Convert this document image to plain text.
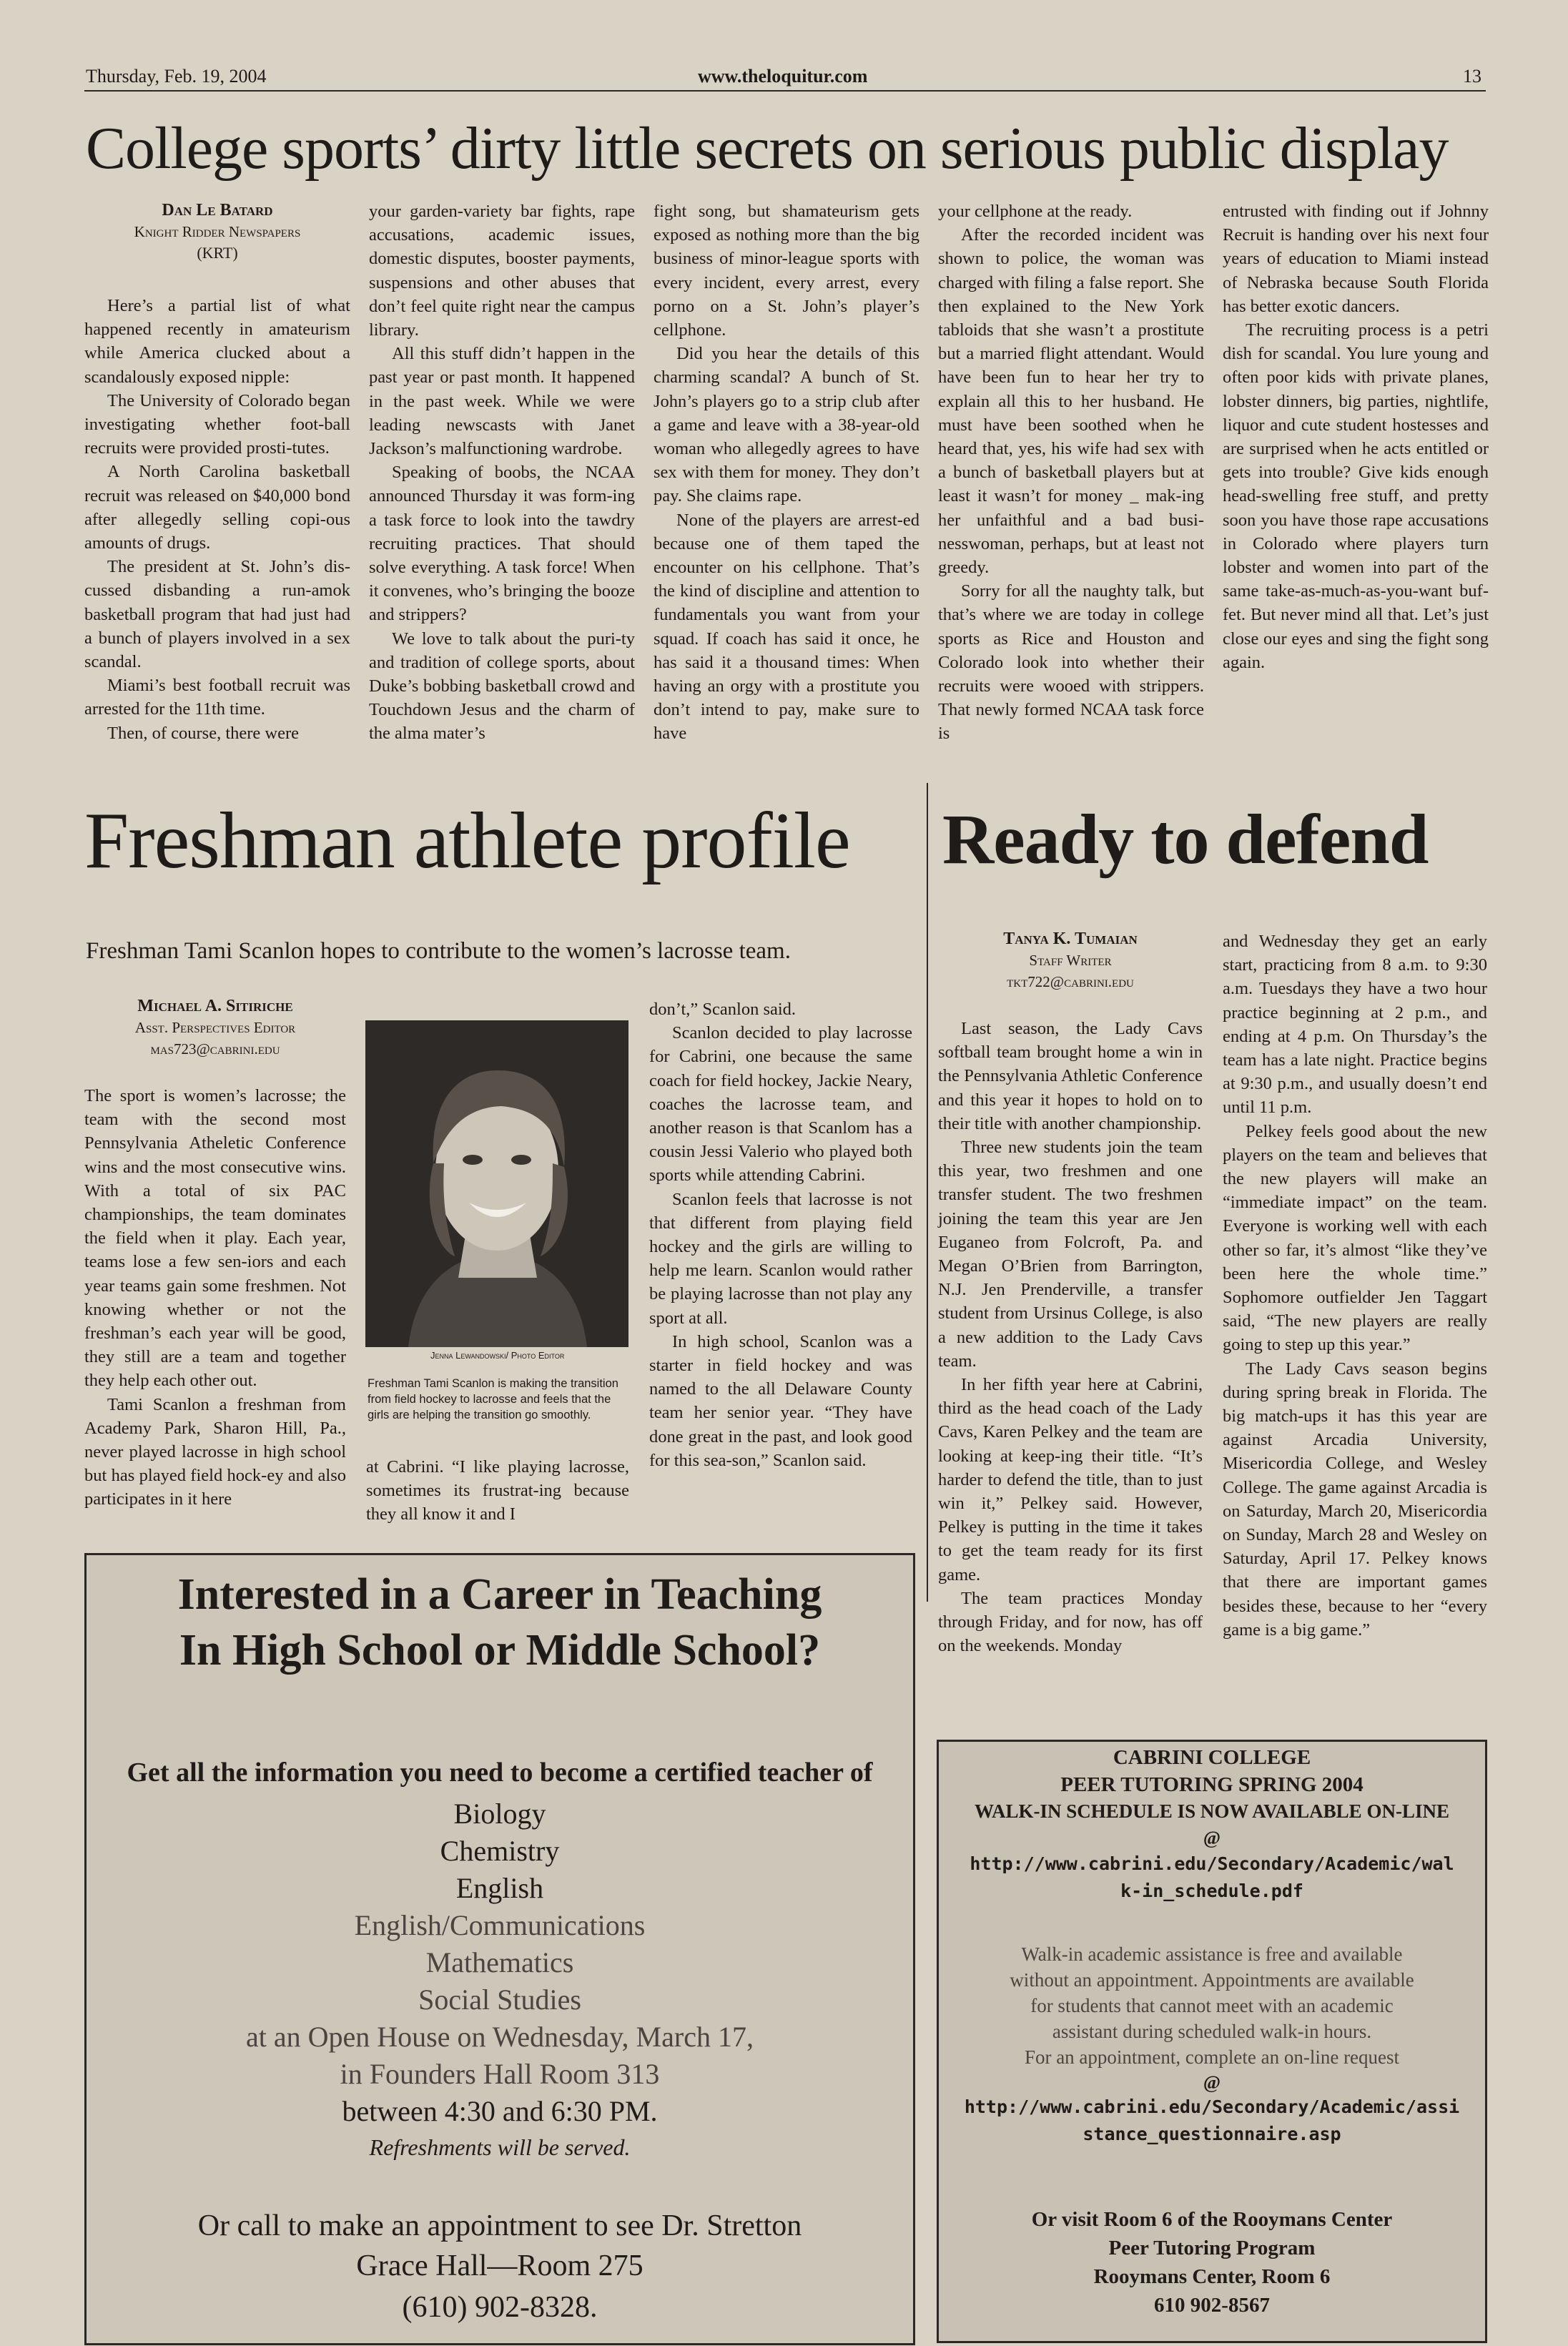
Thursday, Feb. 19, 2004	www.theloquitur.com	13
College sports’ dirty little secrets on serious public display
Dan Le Batard
Knight Ridder Newspapers
(KRT)

Here’s a partial list of what happened recently in amateurism while America clucked about a scandalously exposed nipple:

The University of Colorado began investigating whether foot-ball recruits were provided prosti-tutes.

A North Carolina basketball recruit was released on $40,000 bond after allegedly selling copi-ous amounts of drugs.

The president at St. John’s dis-cussed disbanding a run-amok basketball program that had just had a bunch of players involved in a sex scandal.

Miami’s best football recruit was arrested for the 11th time.

Then, of course, there were

your garden-variety bar fights, rape accusations, academic issues, domestic disputes, booster payments, suspensions and other abuses that don’t feel quite right near the campus library.

All this stuff didn’t happen in the past year or past month. It happened in the past week. While we were leading newscasts with Janet Jackson’s malfunctioning wardrobe.

Speaking of boobs, the NCAA announced Thursday it was form-ing a task force to look into the tawdry recruiting practices. That should solve everything. A task force! When it convenes, who’s bringing the booze and strippers?

We love to talk about the puri-ty and tradition of college sports, about Duke’s bobbing basketball crowd and Touchdown Jesus and the charm of the alma mater’s

fight song, but shamateurism gets exposed as nothing more than the big business of minor-league sports with every incident, every arrest, every porno on a St. John’s player’s cellphone.

Did you hear the details of this charming scandal? A bunch of St. John’s players go to a strip club after a game and leave with a 38-year-old woman who allegedly agrees to have sex with them for money. They don’t pay. She claims rape.

None of the players are arrest-ed because one of them taped the encounter on his cellphone. That’s the kind of discipline and attention to fundamentals you want from your squad. If coach has said it once, he has said it a thousand times: When having an orgy with a prostitute you don’t intend to pay, make sure to have

your cellphone at the ready.

After the recorded incident was shown to police, the woman was charged with filing a false report. She then explained to the New York tabloids that she wasn’t a prostitute but a married flight attendant. Would have been fun to hear her try to explain all this to her husband. He must have been soothed when he heard that, yes, his wife had sex with a bunch of basketball players but at least it wasn’t for money _ mak-ing her unfaithful and a bad busi-nesswoman, perhaps, but at least not greedy.

Sorry for all the naughty talk, but that’s where we are today in college sports as Rice and Houston and Colorado look into whether their recruits were wooed with strippers. That newly formed NCAA task force is

entrusted with finding out if Johnny Recruit is handing over his next four years of education to Miami instead of Nebraska because South Florida has better exotic dancers.

The recruiting process is a petri dish for scandal. You lure young and often poor kids with private planes, lobster dinners, big parties, nightlife, liquor and cute student hostesses and are surprised when he acts entitled or gets into trouble? Give kids enough head-swelling free stuff, and pretty soon you have those rape accusations in Colorado where players turn lobster and women into part of the same take-as-much-as-you-want buf-fet. But never mind all that. Let’s just close our eyes and sing the fight song again.

Freshman athlete profile
Freshman Tami Scanlon hopes to contribute to the women’s lacrosse team.
Michael A. Sitiriche
Asst. Perspectives Editor
mas723@cabrini.edu

The sport is women’s lacrosse; the team with the second most Pennsylvania Atheletic Conference wins and the most consecutive wins. With a total of six PAC championships, the team dominates the field when it play. Each year, teams lose a few sen-iors and each year teams gain some freshmen. Not knowing whether or not the freshman’s each year will be good, they still are a team and together they help each other out.

Tami Scanlon a freshman from Academy Park, Sharon Hill, Pa., never played lacrosse in high school but has played field hock-ey and also participates in it here

Jenna Lewandowski/ Photo Editor
Freshman Tami Scanlon is making the transition from field hockey to lacrosse and feels that the girls are helping the transition go smoothly.

at Cabrini. “I like playing lacrosse, sometimes its frustrat-ing because they all know it and I

don’t,” Scanlon said.

Scanlon decided to play lacrosse for Cabrini, one because the same coach for field hockey, Jackie Neary, coaches the lacrosse team, and another reason is that Scanlom has a cousin Jessi Valerio who played both sports while attending Cabrini.

Scanlon feels that lacrosse is not that different from playing field hockey and the girls are willing to help me learn. Scanlon would rather be playing lacrosse than not play any sport at all.

In high school, Scanlon was a starter in field hockey and was named to the all Delaware County team her senior year. “They have done great in the past, and look good for this sea-son,” Scanlon said.

Ready to defend
Tanya K. Tumaian
Staff Writer
tkt722@cabrini.edu

Last season, the Lady Cavs softball team brought home a win in the Pennsylvania Athletic Conference and this year it hopes to hold on to their title with another championship.

Three new students join the team this year, two freshmen and one transfer student. The two freshmen joining the team this year are Jen Euganeo from Folcroft, Pa. and Megan O’Brien from Barrington, N.J. Jen Prenderville, a transfer student from Ursinus College, is also a new addition to the Lady Cavs team.

In her fifth year here at Cabrini, third as the head coach of the Lady Cavs, Karen Pelkey and the team are looking at keep-ing their title. “It’s harder to defend the title, than to just win it,” Pelkey said. However, Pelkey is putting in the time it takes to get the team ready for its first game.

The team practices Monday through Friday, and for now, has off on the weekends. Monday

and Wednesday they get an early start, practicing from 8 a.m. to 9:30 a.m. Tuesdays they have a two hour practice beginning at 2 p.m., and ending at 4 p.m. On Thursday’s the team has a late night. Practice begins at 9:30 p.m., and usually doesn’t end until 11 p.m.

Pelkey feels good about the new players on the team and believes that the new players will make an “immediate impact” on the team. Everyone is working well with each other so far, it’s almost “like they’ve been here the whole time.” Sophomore outfielder Jen Taggart said, “The new players are really going to step up this year.”

The Lady Cavs season begins during spring break in Florida. The big match-ups it has this year are against Arcadia University, Misericordia College, and Wesley College. The game against Arcadia is on Saturday, March 20, Misericordia on Sunday, March 28 and Wesley on Saturday, April 17. Pelkey knows that there are important games besides these, because to her “every game is a big game.”

Interested in a Career in Teaching
In High School or Middle School?
Get all the information you need to become a certified teacher of
Biology
Chemistry
English
English/Communications
Mathematics
Social Studies
at an Open House on Wednesday, March 17,
in Founders Hall Room 313
between 4:30 and 6:30 PM.
Refreshments will be served.
Or call to make an appointment to see Dr. Stretton
Grace Hall—Room 275
(610) 902-8328.
CABRINI COLLEGE
PEER TUTORING SPRING 2004
WALK-IN SCHEDULE IS NOW AVAILABLE ON-LINE
@
http://www.cabrini.edu/Secondary/Academic/wal
k-in_schedule.pdf
Walk-in academic assistance is free and available
without an appointment. Appointments are available
for students that cannot meet with an academic
assistant during scheduled walk-in hours.
For an appointment, complete an on-line request
@
http://www.cabrini.edu/Secondary/Academic/assi
stance_questionnaire.asp
Or visit Room 6 of the Rooymans Center
Peer Tutoring Program
Rooymans Center, Room 6
610 902-8567
